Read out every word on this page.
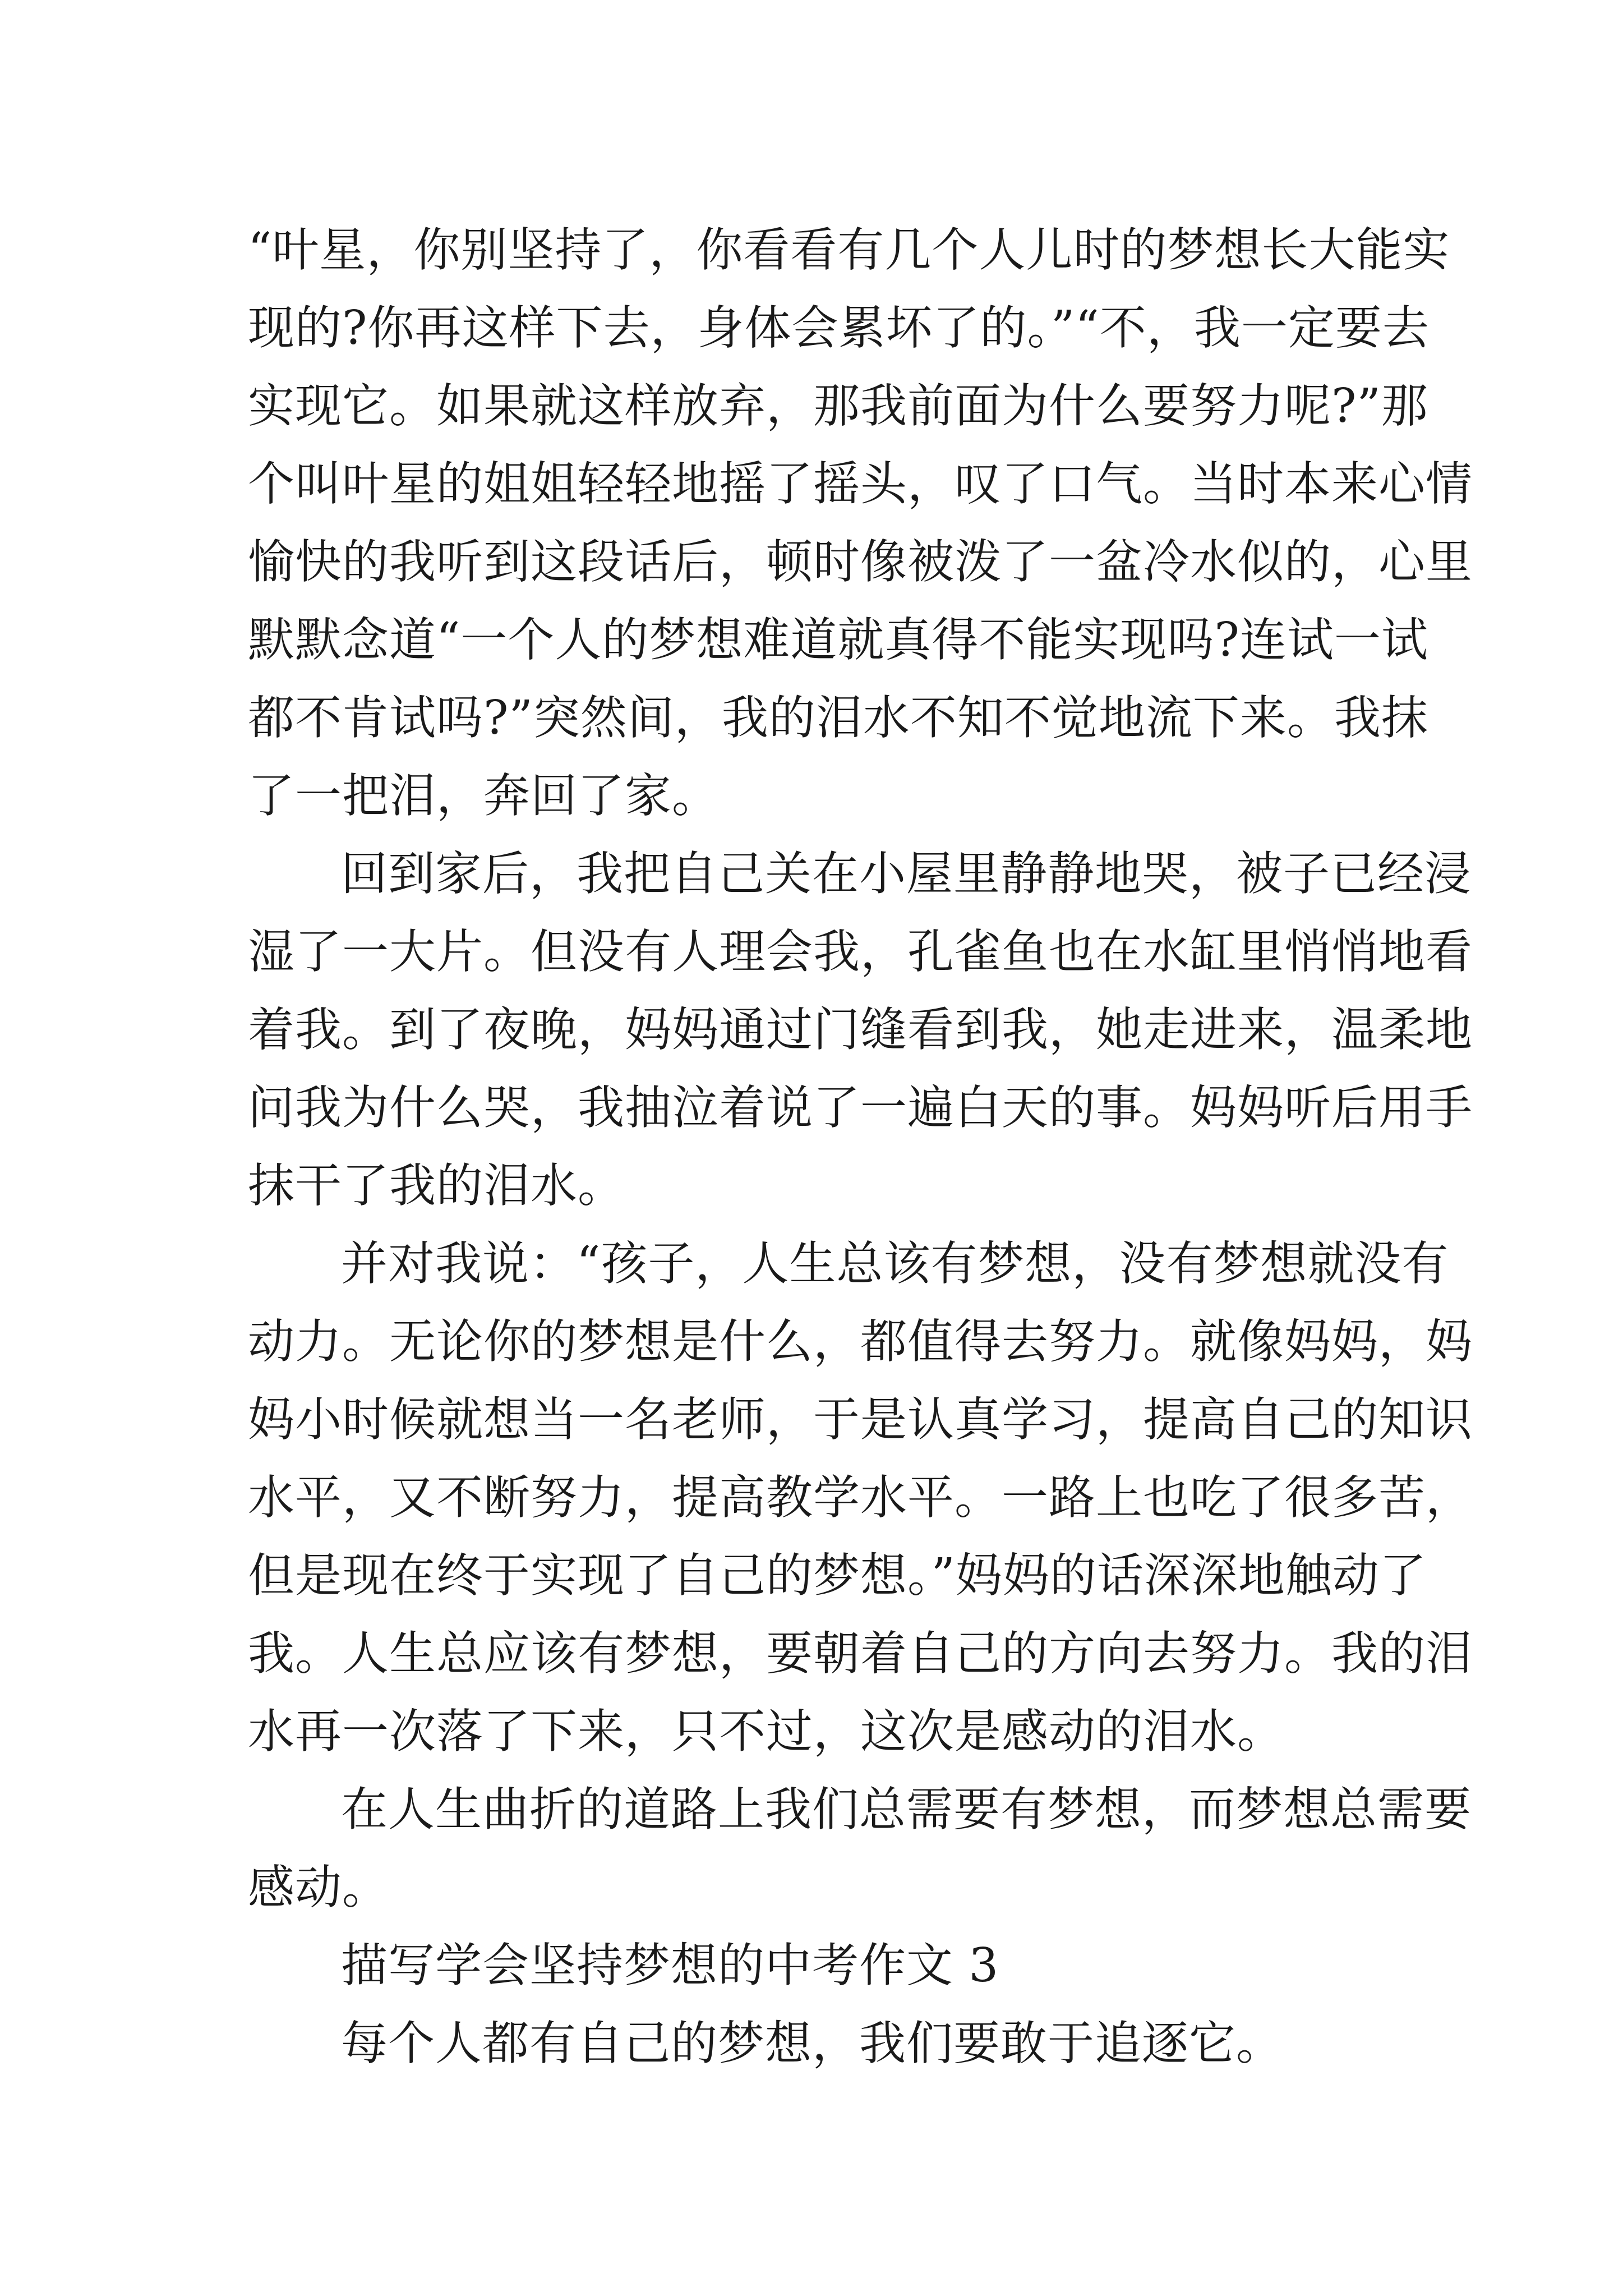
“叶星，你别坚持了，你看看有几个人儿时的梦想长大能实
现的?你再这样下去，身体会累坏了的。”“不，我一定要去
实现它。如果就这样放弃，那我前面为什么要努力呢?”那
个叫叶星的姐姐轻轻地摇了摇头，叹了口气。当时本来心情
愉快的我听到这段话后，顿时像被泼了一盆冷水似的，心里
默默念道“一个人的梦想难道就真得不能实现吗?连试一试
都不肯试吗?”突然间，我的泪水不知不觉地流下来。我抹
了一把泪，奔回了家。
回到家后，我把自己关在小屋里静静地哭，被子已经浸
湿了一大片。但没有人理会我，孔雀鱼也在水缸里悄悄地看
着我。到了夜晚，妈妈通过门缝看到我，她走进来，温柔地
问我为什么哭，我抽泣着说了一遍白天的事。妈妈听后用手
抹干了我的泪水。
并对我说：“孩子，人生总该有梦想，没有梦想就没有
动力。无论你的梦想是什么，都值得去努力。就像妈妈，妈
妈小时候就想当一名老师，于是认真学习，提高自己的知识
水平，又不断努力，提高教学水平。一路上也吃了很多苦，
但是现在终于实现了自己的梦想。”妈妈的话深深地触动了
我。人生总应该有梦想，要朝着自己的方向去努力。我的泪
水再一次落了下来，只不过，这次是感动的泪水。
在人生曲折的道路上我们总需要有梦想，而梦想总需要
感动。
描写学会坚持梦想的中考作文 3
每个人都有自己的梦想，我们要敢于追逐它。
